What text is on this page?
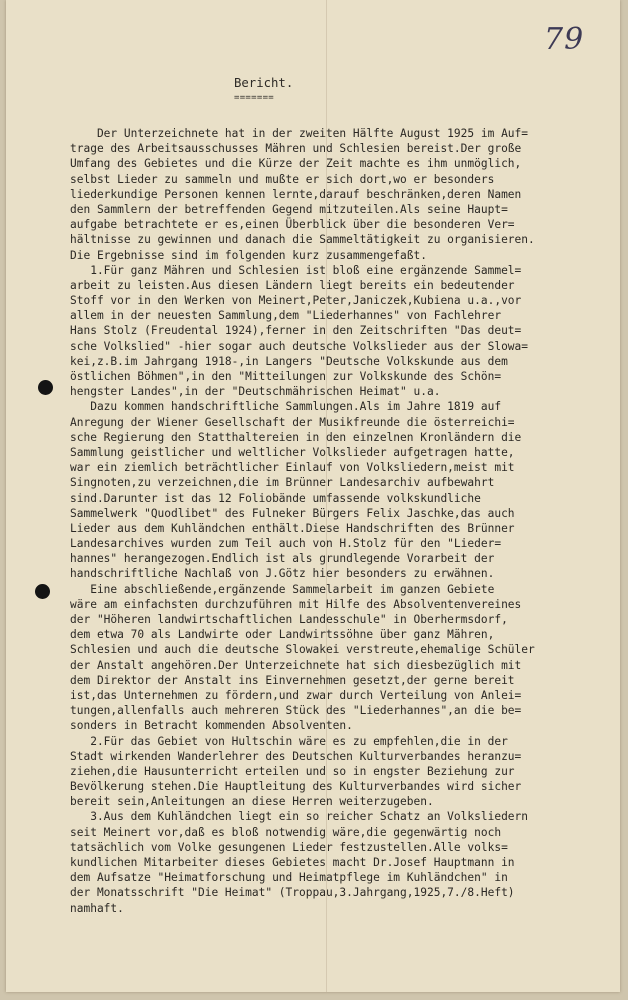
79
Bericht.
=======
Der Unterzeichnete hat in der zweiten Hälfte August 1925 im Auf=
trage des Arbeitsausschusses Mähren und Schlesien bereist.Der große
Umfang des Gebietes und die Kürze der Zeit machte es ihm unmöglich,
selbst Lieder zu sammeln und mußte er sich dort,wo er besonders
liederkundige Personen kennen lernte,darauf beschränken,deren Namen
den Sammlern der betreffenden Gegend mitzuteilen.Als seine Haupt=
aufgabe betrachtete er es,einen Überblick über die besonderen Ver=
hältnisse zu gewinnen und danach die Sammeltätigkeit zu organisieren.
Die Ergebnisse sind im folgenden kurz zusammengefaßt.
1.Für ganz Mähren und Schlesien ist bloß eine ergänzende Sammel=
arbeit zu leisten.Aus diesen Ländern liegt bereits ein bedeutender
Stoff vor in den Werken von Meinert,Peter,Janiczek,Kubiena u.a.,vor
allem in der neuesten Sammlung,dem "Liederhannes" von Fachlehrer
Hans Stolz (Freudental 1924),ferner in den Zeitschriften "Das deut=
sche Volkslied" -hier sogar auch deutsche Volkslieder aus der Slowa=
kei,z.B.im Jahrgang 1918-,in Langers "Deutsche Volkskunde aus dem
östlichen Böhmen",in den "Mitteilungen zur Volkskunde des Schön=
hengster Landes",in der "Deutschmährischen Heimat" u.a.
Dazu kommen handschriftliche Sammlungen.Als im Jahre 1819 auf
Anregung der Wiener Gesellschaft der Musikfreunde die österreichi=
sche Regierung den Statthaltereien in den einzelnen Kronländern die
Sammlung geistlicher und weltlicher Volkslieder aufgetragen hatte,
war ein ziemlich beträchtlicher Einlauf von Volksliedern,meist mit
Singnoten,zu verzeichnen,die im Brünner Landesarchiv aufbewahrt
sind.Darunter ist das 12 Foliobände umfassende volkskundliche
Sammelwerk "Quodlibet" des Fulneker Bürgers Felix Jaschke,das auch
Lieder aus dem Kuhländchen enthält.Diese Handschriften des Brünner
Landesarchives wurden zum Teil auch von H.Stolz für den "Lieder=
hannes" herangezogen.Endlich ist als grundlegende Vorarbeit der
handschriftliche Nachlaß von J.Götz hier besonders zu erwähnen.
Eine abschließende,ergänzende Sammelarbeit im ganzen Gebiete
wäre am einfachsten durchzuführen mit Hilfe des Absolventenvereines
der "Höheren landwirtschaftlichen Landesschule" in Oberhermsdorf,
dem etwa 70 als Landwirte oder Landwirtssöhne über ganz Mähren,
Schlesien und auch die deutsche Slowakei verstreute,ehemalige Schüler
der Anstalt angehören.Der Unterzeichnete hat sich diesbezüglich mit
dem Direktor der Anstalt ins Einvernehmen gesetzt,der gerne bereit
ist,das Unternehmen zu fördern,und zwar durch Verteilung von Anlei=
tungen,allenfalls auch mehreren Stück des "Liederhannes",an die be=
sonders in Betracht kommenden Absolventen.
2.Für das Gebiet von Hultschin wäre es zu empfehlen,die in der
Stadt wirkenden Wanderlehrer des Deutschen Kulturverbandes heranzu=
ziehen,die Hausunterricht erteilen und so in engster Beziehung zur
Bevölkerung stehen.Die Hauptleitung des Kulturverbandes wird sicher
bereit sein,Anleitungen an diese Herren weiterzugeben.
3.Aus dem Kuhländchen liegt ein so reicher Schatz an Volksliedern
seit Meinert vor,daß es bloß notwendig wäre,die gegenwärtig noch
tatsächlich vom Volke gesungenen Lieder festzustellen.Alle volks=
kundlichen Mitarbeiter dieses Gebietes macht Dr.Josef Hauptmann in
dem Aufsatze "Heimatforschung und Heimatpflege im Kuhländchen" in
der Monatsschrift "Die Heimat" (Troppau,3.Jahrgang,1925,7./8.Heft)
namhaft.
